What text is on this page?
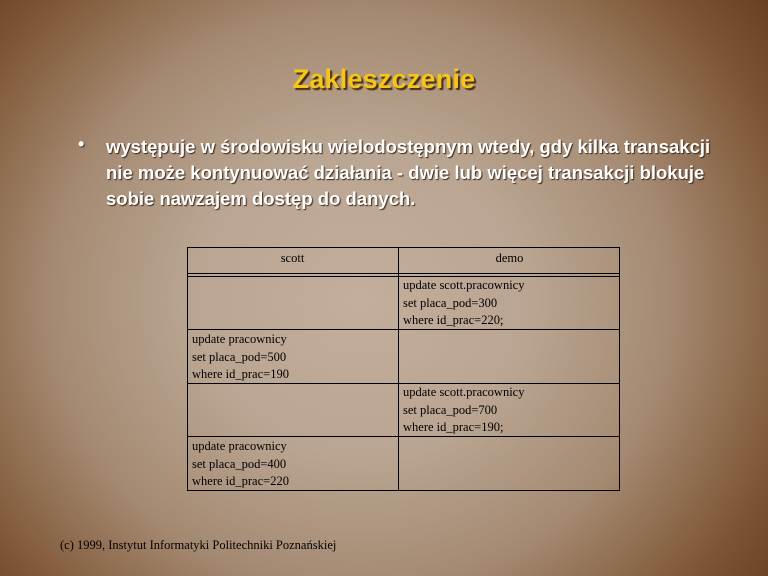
Zakleszczenie
• występuje w środowisku wielodostępnym wtedy, gdy kilka transakcji nie może kontynuować działania - dwie lub więcej transakcji blokuje sobie nawzajem dostęp do danych.
scott	demo
update scott.pracownicy
set placa_pod=300
where id_prac=220;
update pracownicy
set placa_pod=500
where id_prac=190
update scott.pracownicy
set placa_pod=700
where id_prac=190;
update pracownicy
set placa_pod=400
where id_prac=220
(c) 1999, Instytut Informatyki Politechniki Poznańskiej
